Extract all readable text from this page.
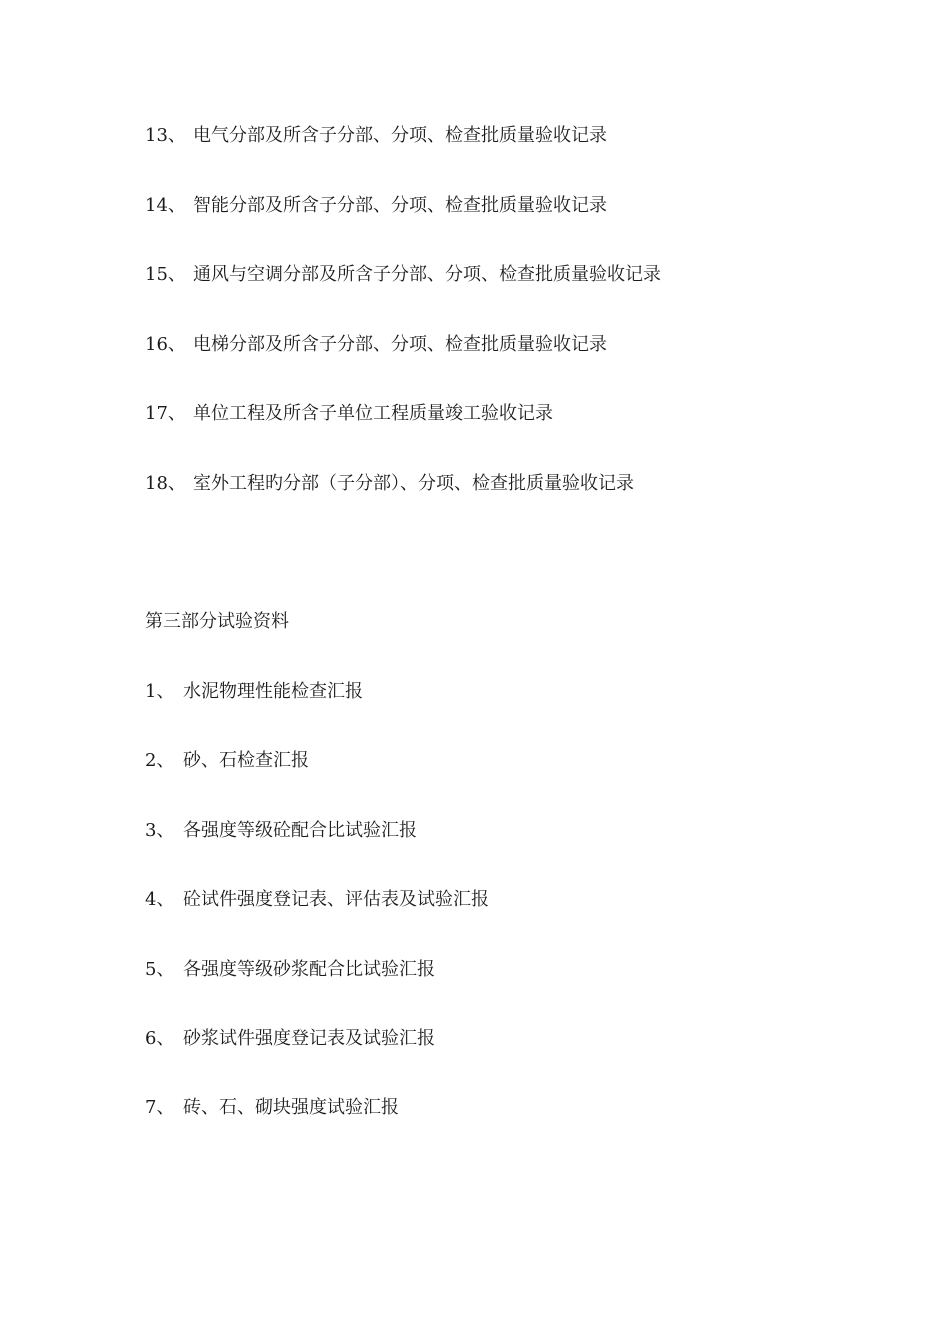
13、 电气分部及所含子分部、分项、检查批质量验收记录
14、 智能分部及所含子分部、分项、检查批质量验收记录
15、 通风与空调分部及所含子分部、分项、检查批质量验收记录
16、 电梯分部及所含子分部、分项、检查批质量验收记录
17、 单位工程及所含子单位工程质量竣工验收记录
18、 室外工程旳分部（子分部）、分项、检查批质量验收记录
第三部分试验资料
1、 水泥物理性能检查汇报
2、 砂、石检查汇报
3、 各强度等级砼配合比试验汇报
4、 砼试件强度登记表、评估表及试验汇报
5、 各强度等级砂浆配合比试验汇报
6、 砂浆试件强度登记表及试验汇报
7、 砖、石、砌块强度试验汇报
